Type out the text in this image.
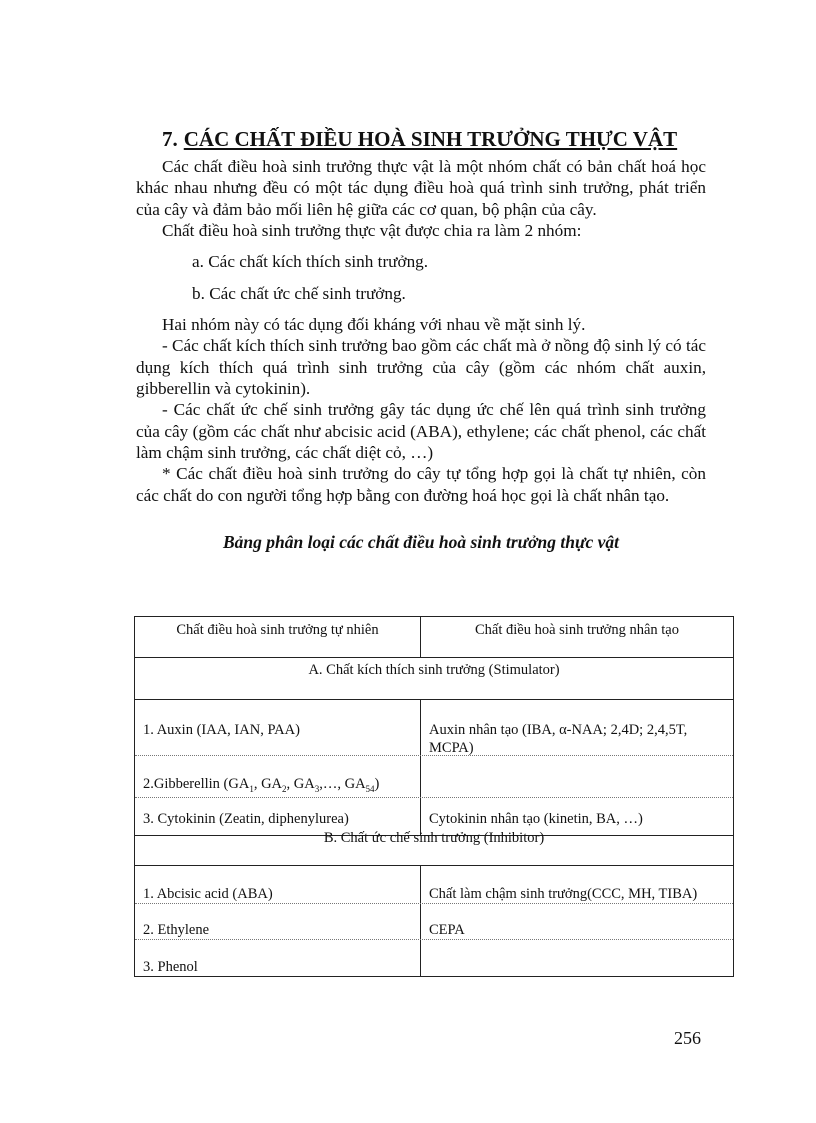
7. CÁC CHẤT ĐIỀU HOÀ SINH TRƯỞNG THỰC VẬT

Các chất điều hoà sinh trưởng thực vật là một nhóm chất có bản chất hoá học khác nhau nhưng đều có một tác dụng điều hoà quá trình sinh trưởng, phát triển của cây và đảm bảo mối liên hệ giữa các cơ quan, bộ phận của cây.

Chất điều hoà sinh trưởng thực vật được chia ra làm 2 nhóm:

a. Các chất kích thích sinh trưởng.

b. Các chất ức chế sinh trưởng.

Hai nhóm này có tác dụng đối kháng với nhau về mặt sinh lý.

- Các chất kích thích sinh trưởng bao gồm các chất mà ở nồng độ sinh lý có tác dụng kích thích quá trình sinh trưởng của cây (gồm các nhóm chất auxin, gibberellin và cytokinin).

- Các chất ức chế sinh trưởng gây tác dụng ức chế lên quá trình sinh trưởng của cây (gồm các chất như abcisic acid (ABA), ethylene; các chất phenol, các chất làm chậm sinh trưởng, các chất diệt cỏ, …)

* Các chất điều hoà sinh trưởng do cây tự tổng hợp gọi là chất tự nhiên, còn các chất do con người tổng hợp bằng con đường hoá học gọi là chất nhân tạo.

Bảng phân loại các chất điều hoà sinh trưởng thực vật

Chất điều hoà sinh trưởng tự nhiên	Chất điều hoà sinh trưởng nhân tạo
A. Chất kích thích sinh trưởng (Stimulator)
1. Auxin (IAA, IAN, PAA)	Auxin nhân tạo (IBA, α-NAA; 2,4D; 2,4,5T, MCPA)
2.Gibberellin ($GA_1$, $GA_2$, $GA_3,\dots$, $GA_{54}$)
3. Cytokinin (Zeatin, diphenylurea)	Cytokinin nhân tạo (kinetin, BA, …)
B. Chất ức chế sinh trưởng (Inhibitor)
1. Abcisic acid (ABA)	Chất làm chậm sinh trưởng(CCC, MH, TIBA)
2. Ethylene	CEPA
3. Phenol
256
